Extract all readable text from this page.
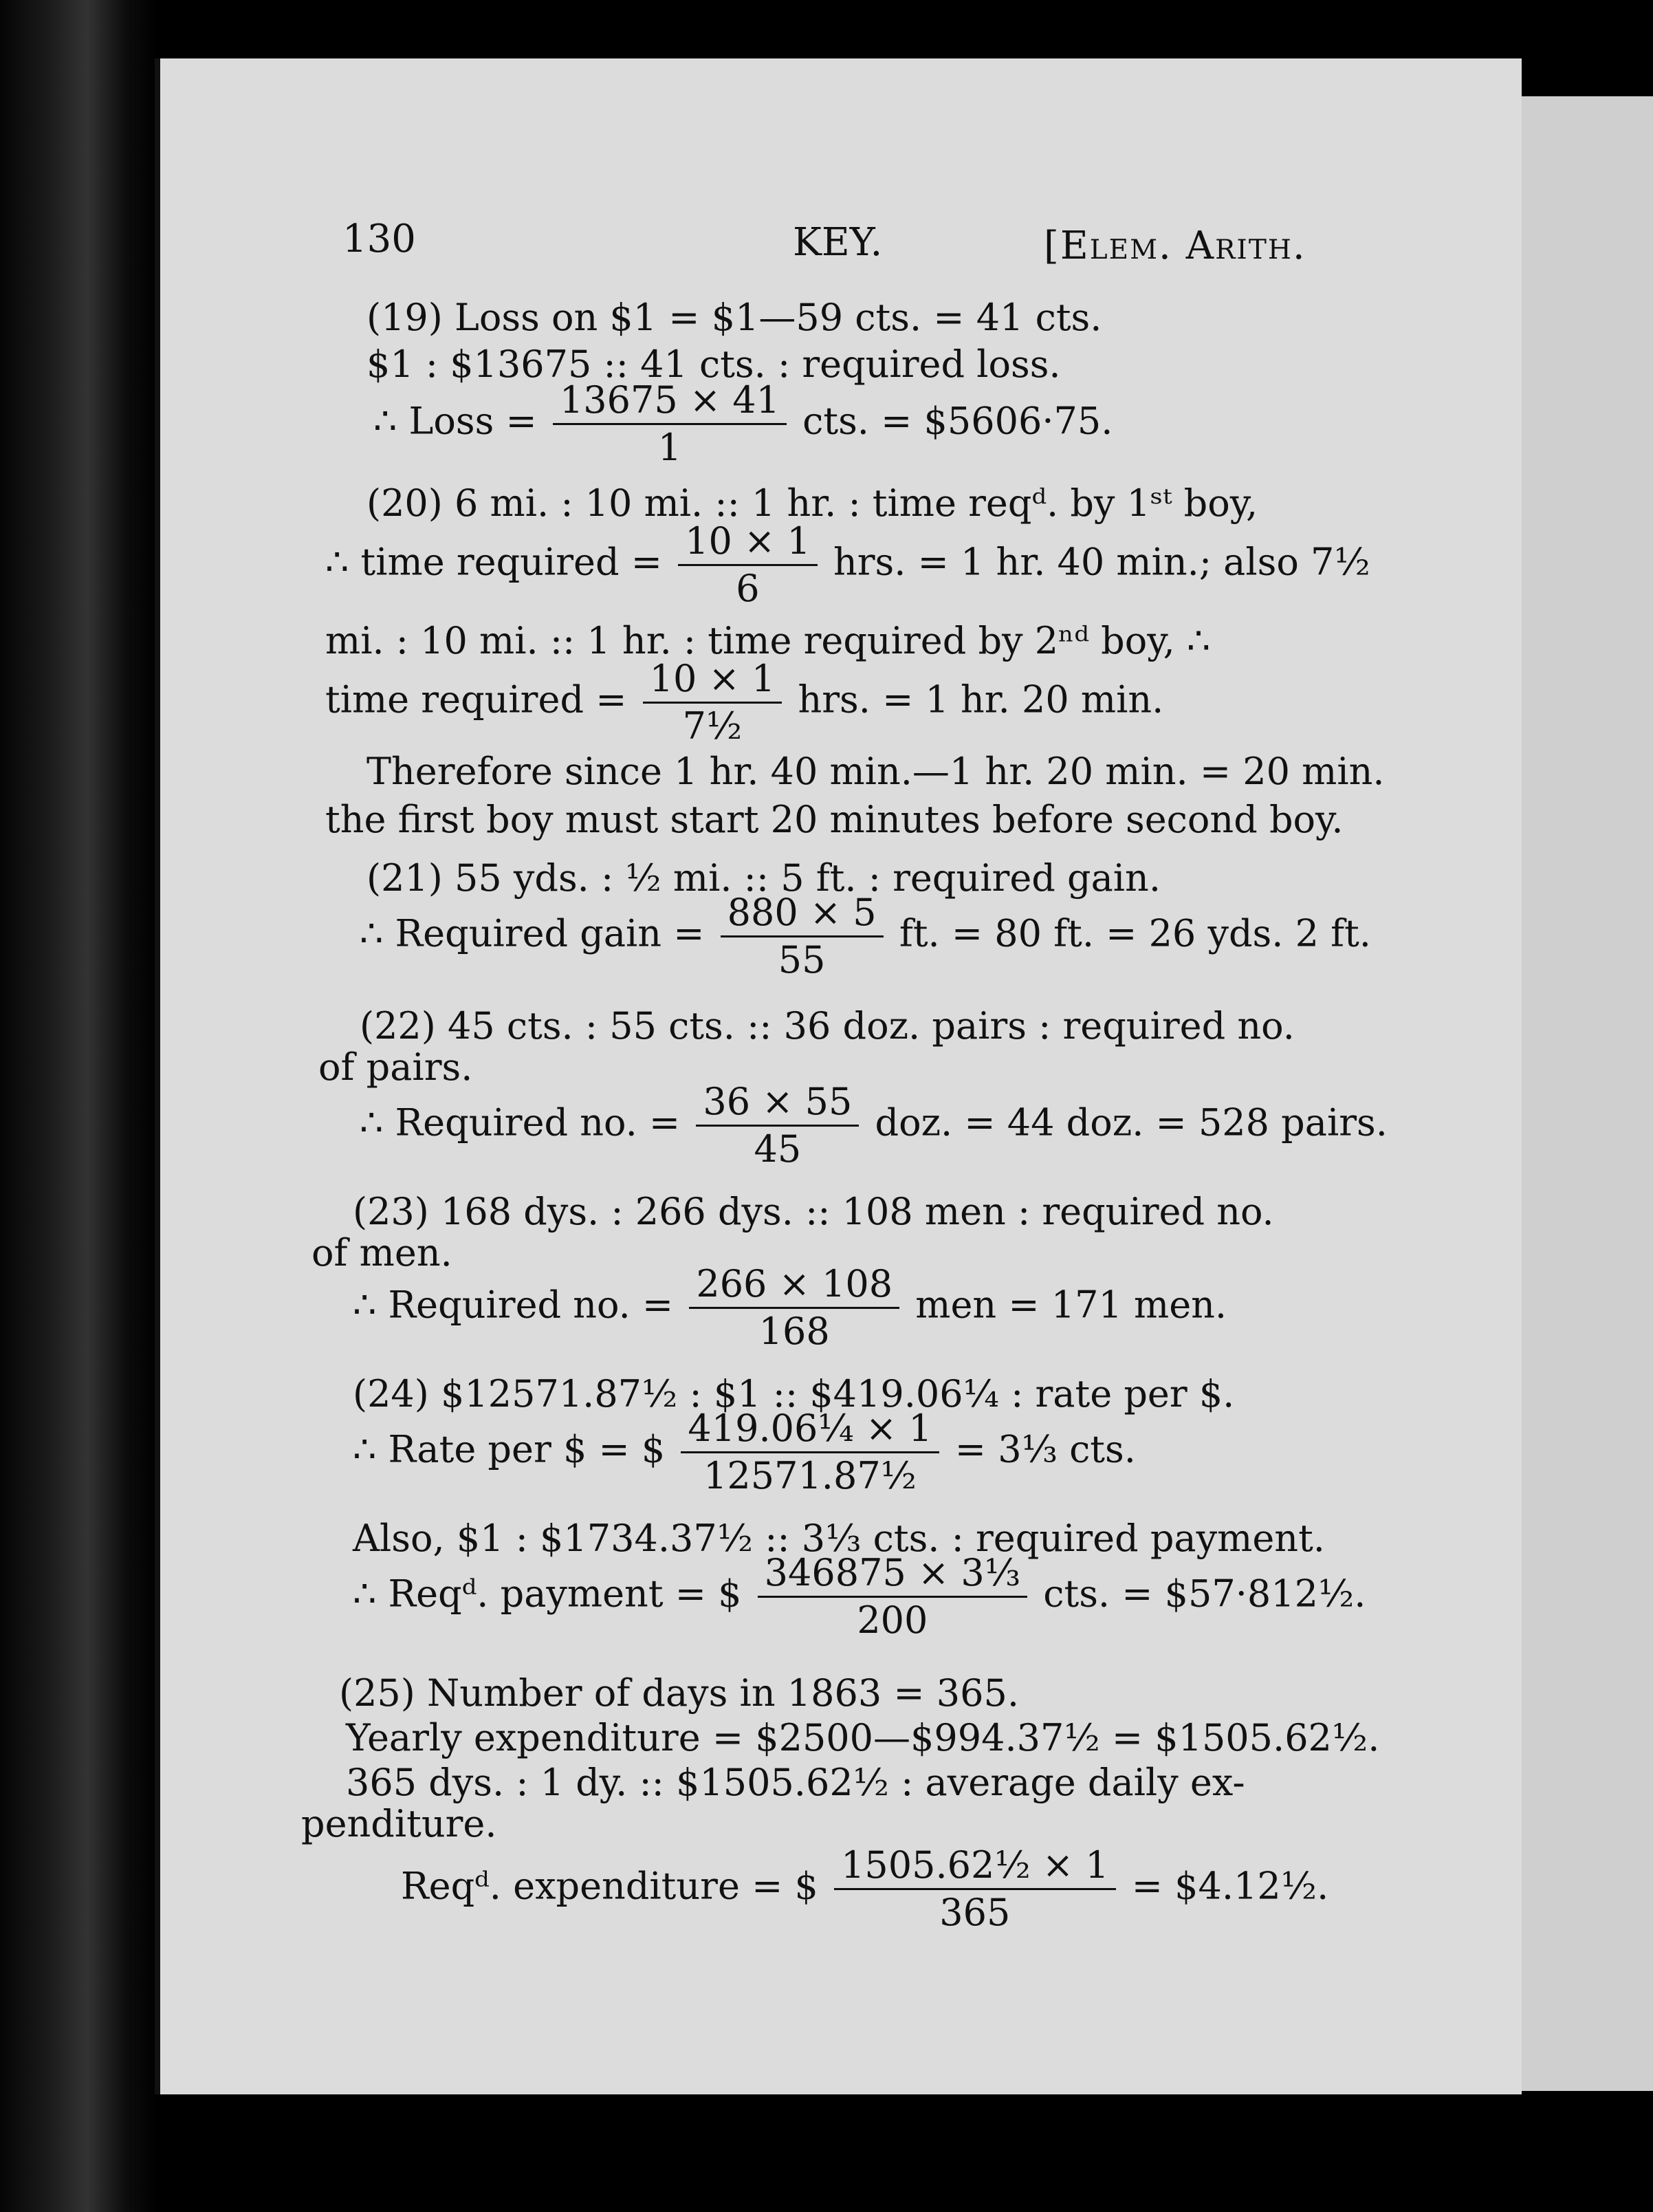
130	KEY.	[Elem. Arith.
(19) Loss on $1 = $1—59 cts. = 41 cts.
$1 : $13675 :: 41 cts. : required loss.
∴ Loss = $\frac{13675 \times 41}{1}$ cts. = $5606·75.
(20) 6 mi. : 10 mi. :: 1 hr. : time reqᵈ. by 1ˢᵗ boy,
∴ time required = $\frac{10 \times 1}{6}$ hrs. = 1 hr. 40 min.; also 7½
mi. : 10 mi. :: 1 hr. : time required by 2ⁿᵈ boy, ∴
time required = $\frac{10 \times 1}{\text{7½}}$ hrs. = 1 hr. 20 min.
Therefore since 1 hr. 40 min.—1 hr. 20 min. = 20 min.
the first boy must start 20 minutes before second boy.
(21) 55 yds. : ½ mi. :: 5 ft. : required gain.
∴ Required gain = $\frac{880 \times 5}{55}$ ft. = 80 ft. = 26 yds. 2 ft.
(22) 45 cts. : 55 cts. :: 36 doz. pairs : required no.
of pairs.
∴ Required no. = $\frac{36 \times 55}{45}$ doz. = 44 doz. = 528 pairs.
(23) 168 dys. : 266 dys. :: 108 men : required no.
of men.
∴ Required no. = $\frac{266 \times 108}{168}$ men = 171 men.
(24) $12571.87½ : $1 :: $419.06¼ : rate per $.
∴ Rate per $ = $ $\frac{\text{419.06¼ × 1}}{\text{12571.87½}}$ = 3⅓ cts.
Also, $1 : $1734.37½ :: 3⅓ cts. : required payment.
∴ Reqᵈ. payment = $ $\frac{\text{346875 × 3⅓}}{200}$ cts. = $57·812½.
(25) Number of days in 1863 = 365.
Yearly expenditure = $2500—$994.37½ = $1505.62½.
365 dys. : 1 dy. :: $1505.62½ : average daily ex-
penditure.
Reqᵈ. expenditure = $ $\frac{\text{1505.62½ × 1}}{365}$ = $4.12½.
